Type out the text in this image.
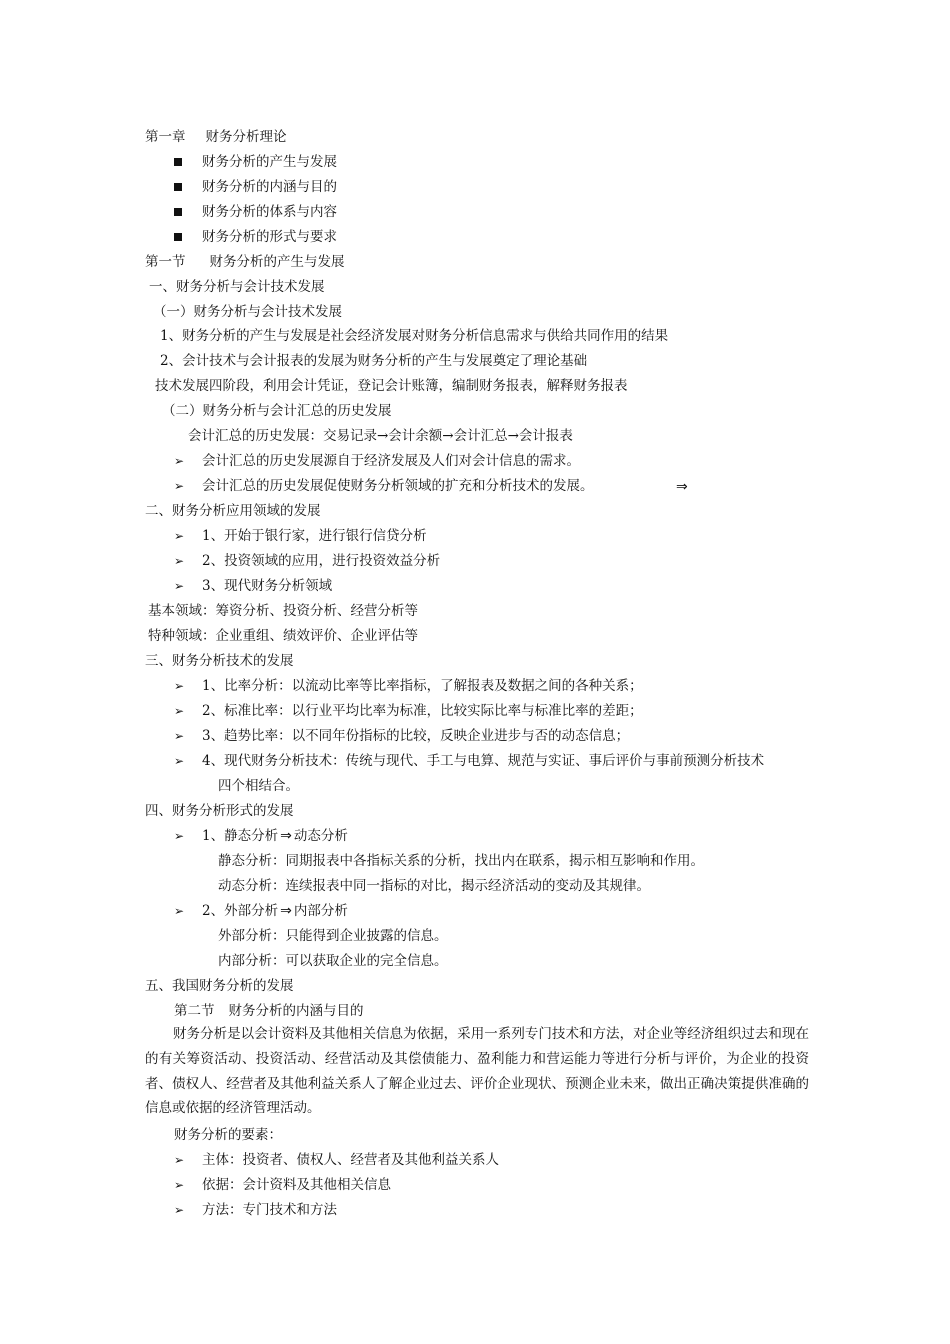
第一章 财务分析理论
财务分析的产生与发展
财务分析的内涵与目的
财务分析的体系与内容
财务分析的形式与要求
第一节 财务分析的产生与发展
一、财务分析与会计技术发展
（一）财务分析与会计技术发展
1、财务分析的产生与发展是社会经济发展对财务分析信息需求与供给共同作用的结果
2、会计技术与会计报表的发展为财务分析的产生与发展奠定了理论基础
技术发展四阶段，利用会计凭证，登记会计账簿，编制财务报表，解释财务报表
（二）财务分析与会计汇总的历史发展
会计汇总的历史发展：交易记录→会计余额→会计汇总→会计报表
➢ 会计汇总的历史发展源自于经济发展及人们对会计信息的需求。
➢ 会计汇总的历史发展促使财务分析领域的扩充和分析技术的发展。	⇒
二、财务分析应用领域的发展
➢ 1、开始于银行家，进行银行信贷分析
➢ 2、投资领域的应用，进行投资效益分析
➢ 3、现代财务分析领域
基本领域：筹资分析、投资分析、经营分析等
特种领域：企业重组、绩效评价、企业评估等
三、财务分析技术的发展
➢ 1、比率分析：以流动比率等比率指标，了解报表及数据之间的各种关系；
➢ 2、标准比率：以行业平均比率为标准，比较实际比率与标准比率的差距；
➢ 3、趋势比率：以不同年份指标的比较，反映企业进步与否的动态信息；
➢ 4、现代财务分析技术：传统与现代、手工与电算、规范与实证、事后评价与事前预测分析技术
四个相结合。
四、财务分析形式的发展
➢ 1、静态分析 ⇒ 动态分析
静态分析：同期报表中各指标关系的分析，找出内在联系，揭示相互影响和作用。
动态分析：连续报表中同一指标的对比，揭示经济活动的变动及其规律。
➢ 2、外部分析 ⇒ 内部分析
外部分析：只能得到企业披露的信息。
内部分析：可以获取企业的完全信息。
五、我国财务分析的发展
第二节 财务分析的内涵与目的
财务分析是以会计资料及其他相关信息为依据，采用一系列专门技术和方法，对企业等经济组织过去和现在的有关筹资活动、投资活动、经营活动及其偿债能力、盈利能力和营运能力等进行分析与评价，为企业的投资者、债权人、经营者及其他利益关系人了解企业过去、评价企业现状、预测企业未来，做出正确决策提供准确的信息或依据的经济管理活动。
财务分析的要素：
➢ 主体：投资者、债权人、经营者及其他利益关系人
➢ 依据：会计资料及其他相关信息
➢ 方法：专门技术和方法
